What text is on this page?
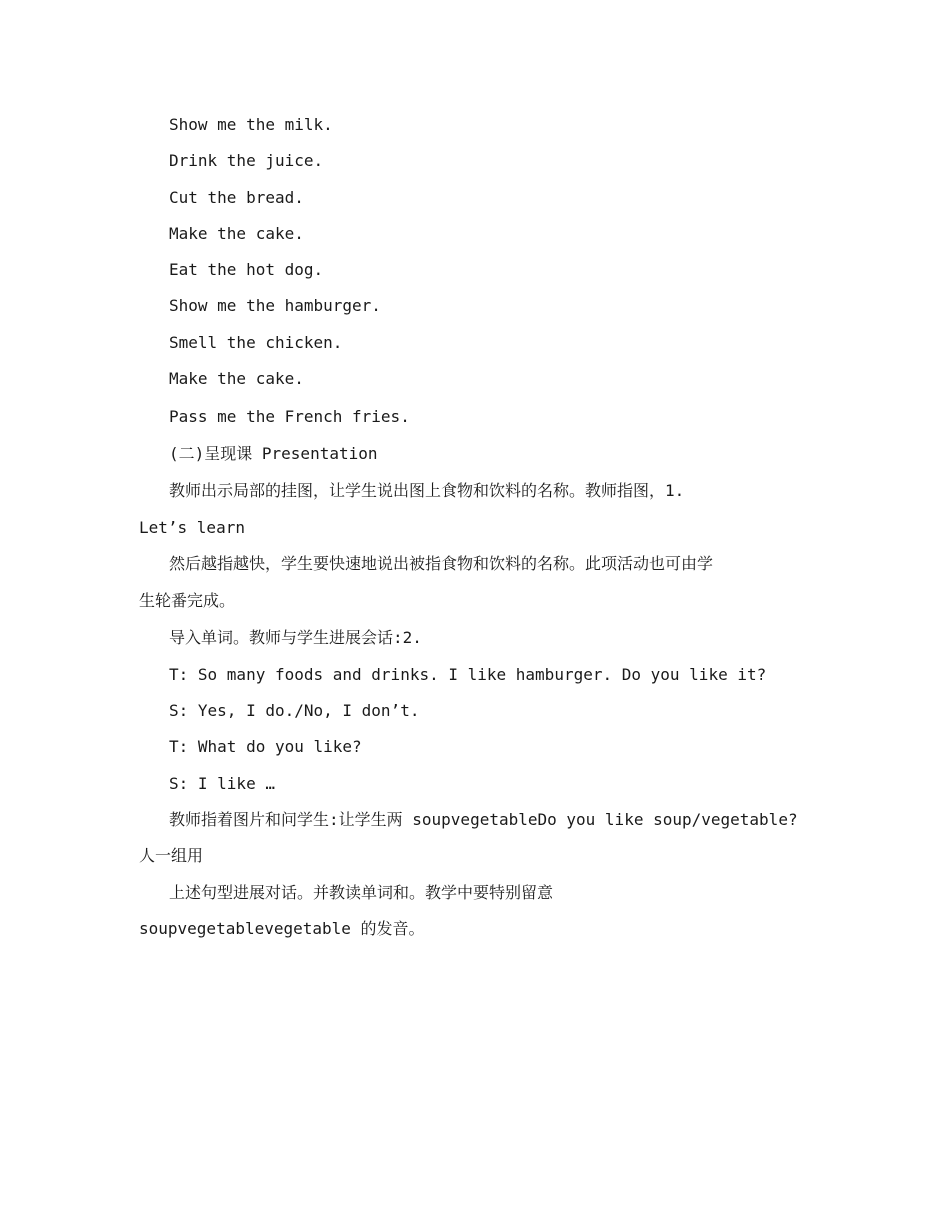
Show me the milk.
Drink the juice.
Cut the bread.
Make the cake.
Eat the hot dog.
Show me the hamburger.
Smell the chicken.
Make the cake.
Pass me the French fries.
(二)呈现课 Presentation
教师出示局部的挂图，让学生说出图上食物和饮料的名称。教师指图，1.
Let’s learn
然后越指越快，学生要快速地说出被指食物和饮料的名称。此项活动也可由学
生轮番完成。
导入单词。教师与学生进展会话:2.
T: So many foods and drinks. I like hamburger. Do you like it?
S: Yes, I do./No, I don’t.
T: What do you like?
S: I like …
教师指着图片和问学生:让学生两 soupvegetableDo you like soup/vegetable?
人一组用
上述句型进展对话。并教读单词和。教学中要特别留意
soupvegetablevegetable 的发音。
